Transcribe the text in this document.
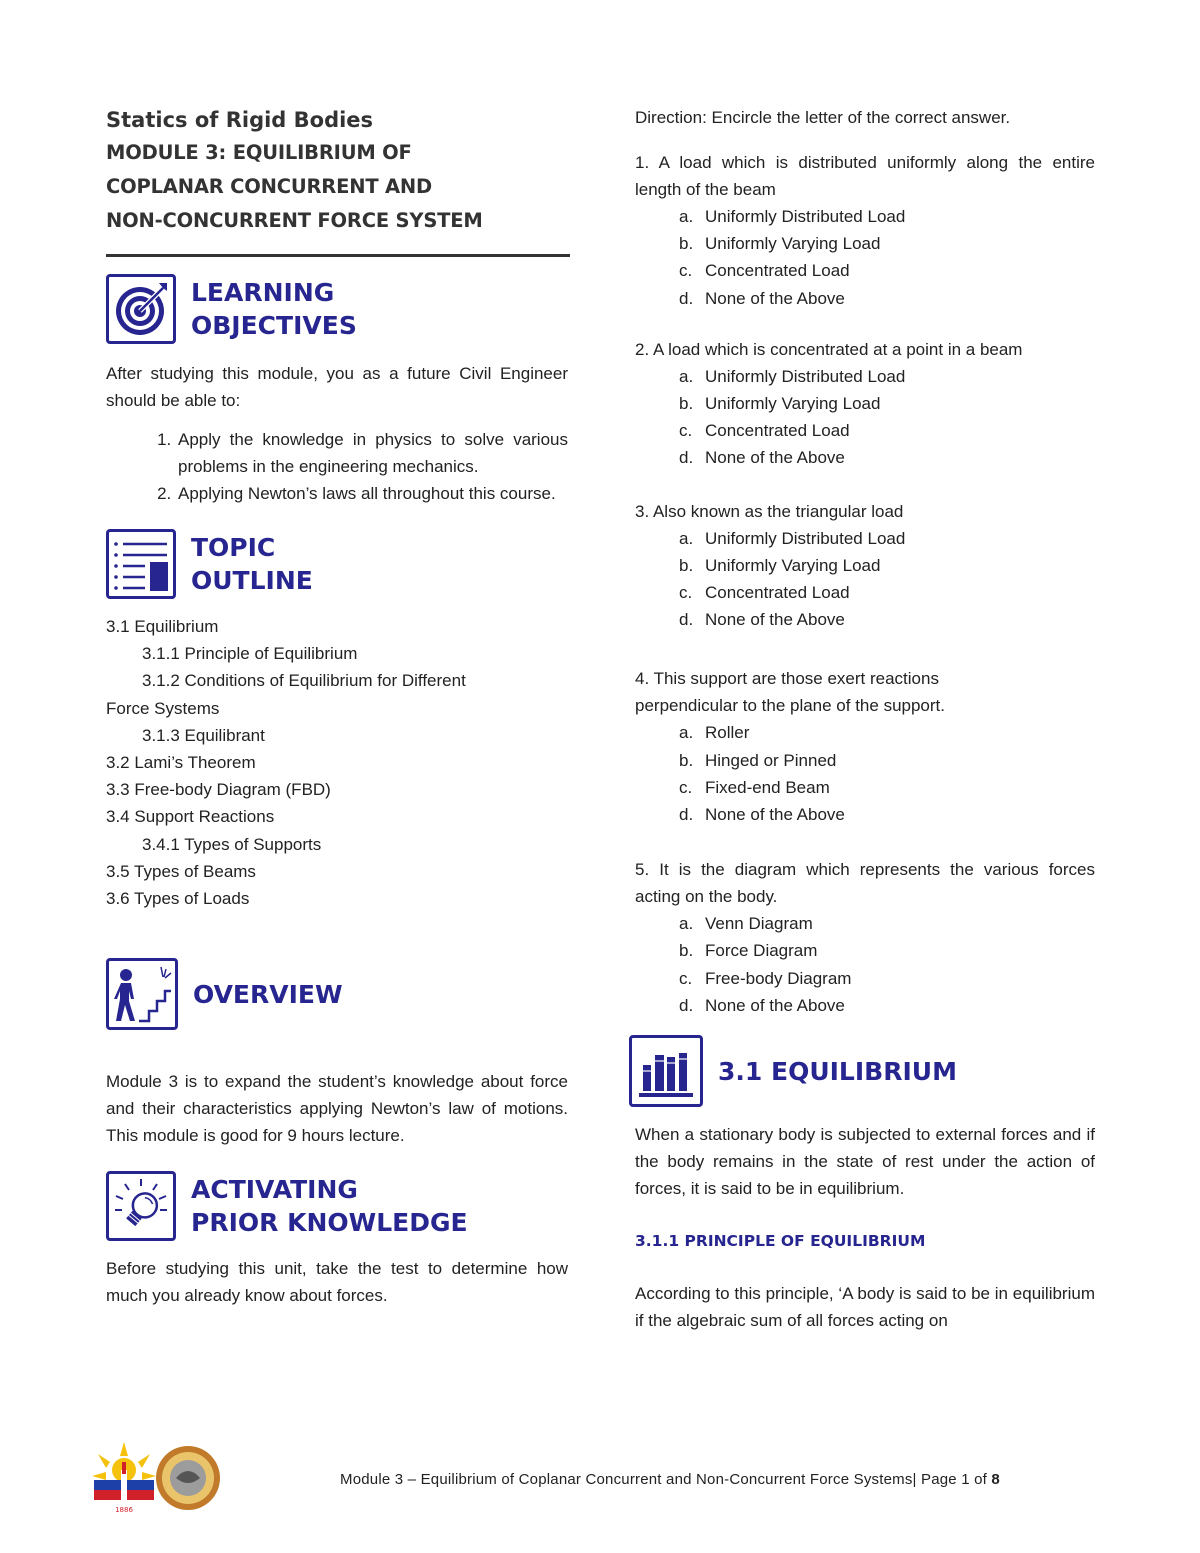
Statics of Rigid Bodies
MODULE 3: EQUILIBRIUM OF
COPLANAR CONCURRENT AND
NON-CONCURRENT FORCE SYSTEM
LEARNING
OBJECTIVES

After studying this module, you as a future Civil Engineer should be able to:

1. Apply the knowledge in physics to solve various problems in the engineering mechanics.
2. Applying Newton’s laws all throughout this course.
TOPIC
OUTLINE
3.1 Equilibrium
3.1.1 Principle of Equilibrium
3.1.2 Conditions of Equilibrium for Different
Force Systems
3.1.3 Equilibrant
3.2 Lami’s Theorem
3.3 Free-body Diagram (FBD)
3.4 Support Reactions
3.4.1 Types of Supports
3.5 Types of Beams
3.6 Types of Loads
OVERVIEW

Module 3 is to expand the student’s knowledge about force and their characteristics applying Newton’s law of motions. This module is good for 9 hours lecture.

ACTIVATING
PRIOR KNOWLEDGE

Before studying this unit, take the test to determine how much you already know about forces.

Direction: Encircle the letter of the correct answer.
1. A load which is distributed uniformly along the entire length of the beam
a. Uniformly Distributed Load
b. Uniformly Varying Load
c. Concentrated Load
d. None of the Above
2. A load which is concentrated at a point in a beam
a. Uniformly Distributed Load
b. Uniformly Varying Load
c. Concentrated Load
d. None of the Above
3. Also known as the triangular load
a. Uniformly Distributed Load
b. Uniformly Varying Load
c. Concentrated Load
d. None of the Above
4. This support are those exert reactions perpendicular to the plane of the support.
a. Roller
b. Hinged or Pinned
c. Fixed-end Beam
d. None of the Above
5. It is the diagram which represents the various forces acting on the body.
a. Venn Diagram
b. Force Diagram
c. Free-body Diagram
d. None of the Above
3.1 EQUILIBRIUM

When a stationary body is subjected to external forces and if the body remains in the state of rest under the action of forces, it is said to be in equilibrium.

3.1.1 PRINCIPLE OF EQUILIBRIUM

According to this principle, ‘A body is said to be in equilibrium if the algebraic sum of all forces acting on

1886
Module 3 – Equilibrium of Coplanar Concurrent and Non-Concurrent Force Systems| Page 1 of 8
